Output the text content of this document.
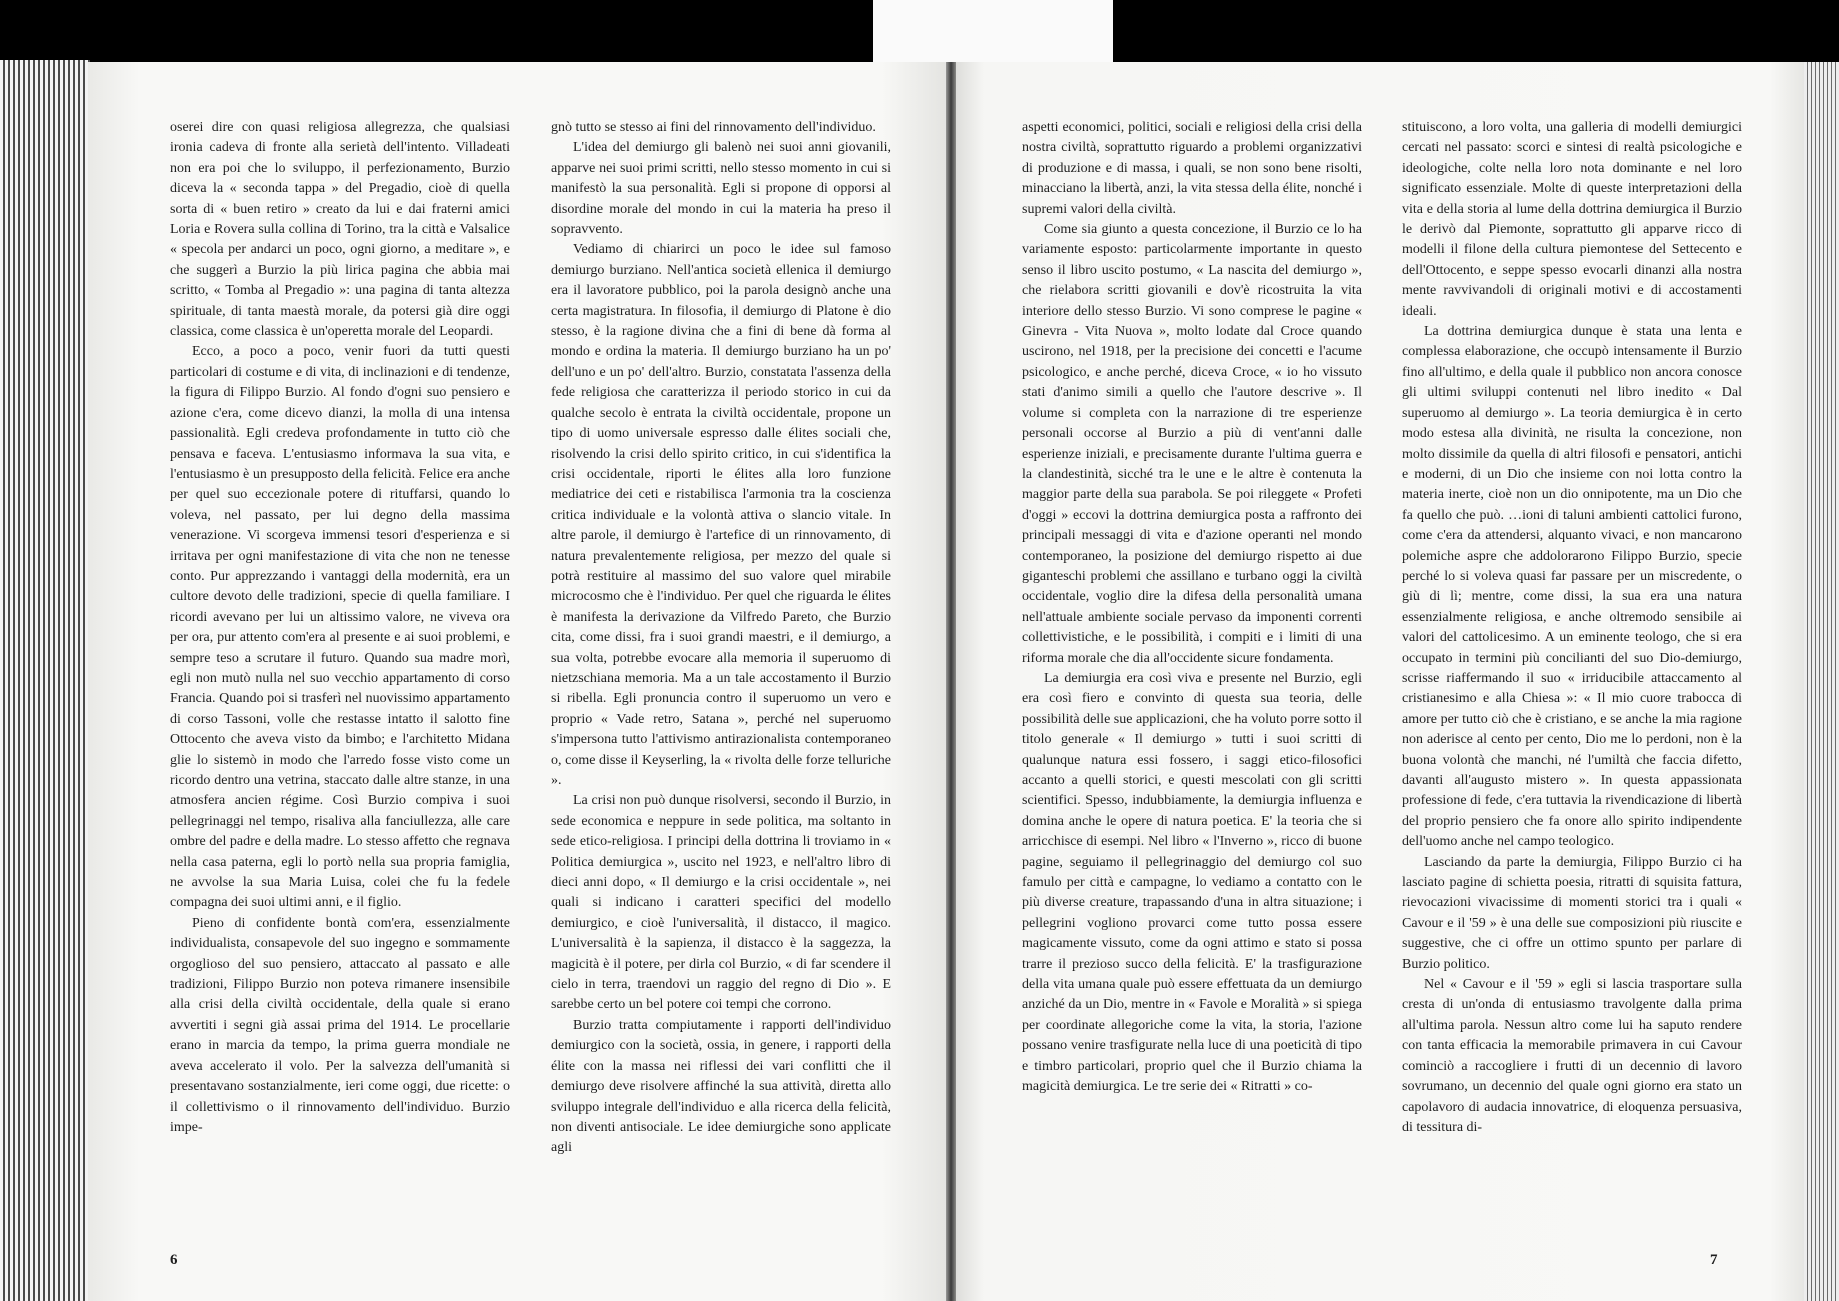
oserei dire con quasi religiosa allegrezza, che qualsiasi ironia cadeva di fronte alla serietà dell'intento. Villadeati non era poi che lo sviluppo, il perfezionamento, Burzio diceva la « seconda tappa » del Pregadio, cioè di quella sorta di « buen retiro » creato da lui e dai fraterni amici Loria e Rovera sulla collina di Torino, tra la città e Valsalice « specola per andarci un poco, ogni giorno, a meditare », e che suggerì a Burzio la più lirica pagina che abbia mai scritto, « Tomba al Pregadio »: una pagina di tanta altezza spirituale, di tanta maestà morale, da potersi già dire oggi classica, come classica è un'operetta morale del Leopardi.

Ecco, a poco a poco, venir fuori da tutti questi particolari di costume e di vita, di inclinazioni e di tendenze, la figura di Filippo Burzio. Al fondo d'ogni suo pensiero e azione c'era, come dicevo dianzi, la molla di una intensa passionalità. Egli credeva profondamente in tutto ciò che pensava e faceva. L'entusiasmo informava la sua vita, e l'entusiasmo è un presupposto della felicità. Felice era anche per quel suo eccezionale potere di rituffarsi, quando lo voleva, nel passato, per lui degno della massima venerazione. Vi scorgeva immensi tesori d'esperienza e si irritava per ogni manifestazione di vita che non ne tenesse conto. Pur apprezzando i vantaggi della modernità, era un cultore devoto delle tradizioni, specie di quella familiare. I ricordi avevano per lui un altissimo valore, ne viveva ora per ora, pur attento com'era al presente e ai suoi problemi, e sempre teso a scrutare il futuro. Quando sua madre morì, egli non mutò nulla nel suo vecchio appartamento di corso Francia. Quando poi si trasferì nel nuovissimo appartamento di corso Tassoni, volle che restasse intatto il salotto fine Ottocento che aveva visto da bimbo; e l'architetto Midana glie lo sistemò in modo che l'arredo fosse visto come un ricordo dentro una vetrina, staccato dalle altre stanze, in una atmosfera ancien régime. Così Burzio compiva i suoi pellegrinaggi nel tempo, risaliva alla fanciullezza, alle care ombre del padre e della madre. Lo stesso affetto che regnava nella casa paterna, egli lo portò nella sua propria famiglia, ne avvolse la sua Maria Luisa, colei che fu la fedele compagna dei suoi ultimi anni, e il figlio.

Pieno di confidente bontà com'era, essenzialmente individualista, consapevole del suo ingegno e sommamente orgoglioso del suo pensiero, attaccato al passato e alle tradizioni, Filippo Burzio non poteva rimanere insensibile alla crisi della civiltà occidentale, della quale si erano avvertiti i segni già assai prima del 1914. Le procellarie erano in marcia da tempo, la prima guerra mondiale ne aveva accelerato il volo. Per la salvezza dell'umanità si presentavano sostanzialmente, ieri come oggi, due ricette: o il collettivismo o il rinnovamento dell'individuo. Burzio impe-

gnò tutto se stesso ai fini del rinnovamento dell'individuo.

L'idea del demiurgo gli balenò nei suoi anni giovanili, apparve nei suoi primi scritti, nello stesso momento in cui si manifestò la sua personalità. Egli si propone di opporsi al disordine morale del mondo in cui la materia ha preso il sopravvento.

Vediamo di chiarirci un poco le idee sul famoso demiurgo burziano. Nell'antica società ellenica il demiurgo era il lavoratore pubblico, poi la parola designò anche una certa magistratura. In filosofia, il demiurgo di Platone è dio stesso, è la ragione divina che a fini di bene dà forma al mondo e ordina la materia. Il demiurgo burziano ha un po' dell'uno e un po' dell'altro. Burzio, constatata l'assenza della fede religiosa che caratterizza il periodo storico in cui da qualche secolo è entrata la civiltà occidentale, propone un tipo di uomo universale espresso dalle élites sociali che, risolvendo la crisi dello spirito critico, in cui s'identifica la crisi occidentale, riporti le élites alla loro funzione mediatrice dei ceti e ristabilisca l'armonia tra la coscienza critica individuale e la volontà attiva o slancio vitale. In altre parole, il demiurgo è l'artefice di un rinnovamento, di natura prevalentemente religiosa, per mezzo del quale si potrà restituire al massimo del suo valore quel mirabile microcosmo che è l'individuo. Per quel che riguarda le élites è manifesta la derivazione da Vilfredo Pareto, che Burzio cita, come dissi, fra i suoi grandi maestri, e il demiurgo, a sua volta, potrebbe evocare alla memoria il superuomo di nietzschiana memoria. Ma a un tale accostamento il Burzio si ribella. Egli pronuncia contro il superuomo un vero e proprio « Vade retro, Satana », perché nel superuomo s'impersona tutto l'attivismo antirazionalista contemporaneo o, come disse il Keyserling, la « rivolta delle forze telluriche ».

La crisi non può dunque risolversi, secondo il Burzio, in sede economica e neppure in sede politica, ma soltanto in sede etico-religiosa. I principi della dottrina li troviamo in « Politica demiurgica », uscito nel 1923, e nell'altro libro di dieci anni dopo, « Il demiurgo e la crisi occidentale », nei quali si indicano i caratteri specifici del modello demiurgico, e cioè l'universalità, il distacco, il magico. L'universalità è la sapienza, il distacco è la saggezza, la magicità è il potere, per dirla col Burzio, « di far scendere il cielo in terra, traendovi un raggio del regno di Dio ». E sarebbe certo un bel potere coi tempi che corrono.

Burzio tratta compiutamente i rapporti dell'individuo demiurgico con la società, ossia, in genere, i rapporti della élite con la massa nei riflessi dei vari conflitti che il demiurgo deve risolvere affinché la sua attività, diretta allo sviluppo integrale dell'individuo e alla ricerca della felicità, non diventi antisociale. Le idee demiurgiche sono applicate agli

6

aspetti economici, politici, sociali e religiosi della crisi della nostra civiltà, soprattutto riguardo a problemi organizzativi di produzione e di massa, i quali, se non sono bene risolti, minacciano la libertà, anzi, la vita stessa della élite, nonché i supremi valori della civiltà.

Come sia giunto a questa concezione, il Burzio ce lo ha variamente esposto: particolarmente importante in questo senso il libro uscito postumo, « La nascita del demiurgo », che rielabora scritti giovanili e dov'è ricostruita la vita interiore dello stesso Burzio. Vi sono comprese le pagine « Ginevra - Vita Nuova », molto lodate dal Croce quando uscirono, nel 1918, per la precisione dei concetti e l'acume psicologico, e anche perché, diceva Croce, « io ho vissuto stati d'animo simili a quello che l'autore descrive ». Il volume si completa con la narrazione di tre esperienze personali occorse al Burzio a più di vent'anni dalle esperienze iniziali, e precisamente durante l'ultima guerra e la clandestinità, sicché tra le une e le altre è contenuta la maggior parte della sua parabola. Se poi rileggete « Profeti d'oggi » eccovi la dottrina demiurgica posta a raffronto dei principali messaggi di vita e d'azione operanti nel mondo contemporaneo, la posizione del demiurgo rispetto ai due giganteschi problemi che assillano e turbano oggi la civiltà occidentale, voglio dire la difesa della personalità umana nell'attuale ambiente sociale pervaso da imponenti correnti collettivistiche, e le possibilità, i compiti e i limiti di una riforma morale che dia all'occidente sicure fondamenta.

La demiurgia era così viva e presente nel Burzio, egli era così fiero e convinto di questa sua teoria, delle possibilità delle sue applicazioni, che ha voluto porre sotto il titolo generale « Il demiurgo » tutti i suoi scritti di qualunque natura essi fossero, i saggi etico-filosofici accanto a quelli storici, e questi mescolati con gli scritti scientifici. Spesso, indubbiamente, la demiurgia influenza e domina anche le opere di natura poetica. E' la teoria che si arricchisce di esempi. Nel libro « l'Inverno », ricco di buone pagine, seguiamo il pellegrinaggio del demiurgo col suo famulo per città e campagne, lo vediamo a contatto con le più diverse creature, trapassando d'una in altra situazione; i pellegrini vogliono provarci come tutto possa essere magicamente vissuto, come da ogni attimo e stato si possa trarre il prezioso succo della felicità. E' la trasfigurazione della vita umana quale può essere effettuata da un demiurgo anziché da un Dio, mentre in « Favole e Moralità » si spiega per coordinate allegoriche come la vita, la storia, l'azione possano venire trasfigurate nella luce di una poeticità di tipo e timbro particolari, proprio quel che il Burzio chiama la magicità demiurgica. Le tre serie dei « Ritratti » co-

stituiscono, a loro volta, una galleria di modelli demiurgici cercati nel passato: scorci e sintesi di realtà psicologiche e ideologiche, colte nella loro nota dominante e nel loro significato essenziale. Molte di queste interpretazioni della vita e della storia al lume della dottrina demiurgica il Burzio le derivò dal Piemonte, soprattutto gli apparve ricco di modelli il filone della cultura piemontese del Settecento e dell'Ottocento, e seppe spesso evocarli dinanzi alla nostra mente ravvivandoli di originali motivi e di accostamenti ideali.

La dottrina demiurgica dunque è stata una lenta e complessa elaborazione, che occupò intensamente il Burzio fino all'ultimo, e della quale il pubblico non ancora conosce gli ultimi sviluppi contenuti nel libro inedito « Dal superuomo al demiurgo ». La teoria demiurgica è in certo modo estesa alla divinità, ne risulta la concezione, non molto dissimile da quella di altri filosofi e pensatori, antichi e moderni, di un Dio che insieme con noi lotta contro la materia inerte, cioè non un dio onnipotente, ma un Dio che fa quello che può. …ioni di taluni ambienti cattolici furono, come c'era da attendersi, alquanto vivaci, e non mancarono polemiche aspre che addolorarono Filippo Burzio, specie perché lo si voleva quasi far passare per un miscredente, o giù di lì; mentre, come dissi, la sua era una natura essenzialmente religiosa, e anche oltremodo sensibile ai valori del cattolicesimo. A un eminente teologo, che si era occupato in termini più concilianti del suo Dio-demiurgo, scrisse riaffermando il suo « irriducibile attaccamento al cristianesimo e alla Chiesa »: « Il mio cuore trabocca di amore per tutto ciò che è cristiano, e se anche la mia ragione non aderisce al cento per cento, Dio me lo perdoni, non è la buona volontà che manchi, né l'umiltà che faccia difetto, davanti all'augusto mistero ». In questa appassionata professione di fede, c'era tuttavia la rivendicazione di libertà del proprio pensiero che fa onore allo spirito indipendente dell'uomo anche nel campo teologico.

Lasciando da parte la demiurgia, Filippo Burzio ci ha lasciato pagine di schietta poesia, ritratti di squisita fattura, rievocazioni vivacissime di momenti storici tra i quali « Cavour e il '59 » è una delle sue composizioni più riuscite e suggestive, che ci offre un ottimo spunto per parlare di Burzio politico.

Nel « Cavour e il '59 » egli si lascia trasportare sulla cresta di un'onda di entusiasmo travolgente dalla prima all'ultima parola. Nessun altro come lui ha saputo rendere con tanta efficacia la memorabile primavera in cui Cavour cominciò a raccogliere i frutti di un decennio di lavoro sovrumano, un decennio del quale ogni giorno era stato un capolavoro di audacia innovatrice, di eloquenza persuasiva, di tessitura di-

7
